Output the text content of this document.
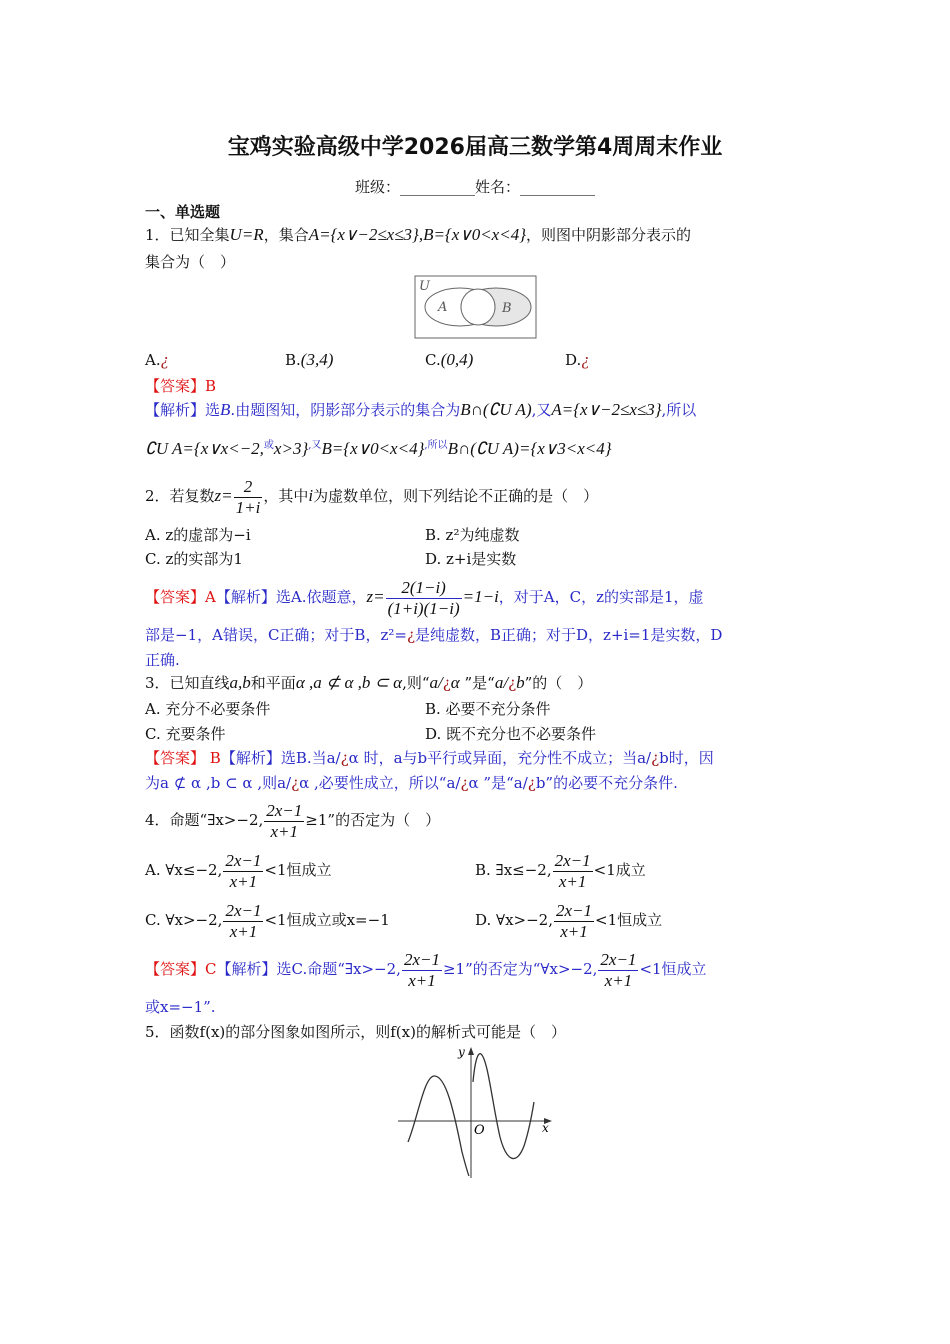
宝鸡实验高级中学2026届高三数学第4周周末作业
班级：__________姓名：__________
一、单选题
1．已知全集U=R，集合A={x∨−2≤x≤3},B={x∨0<x<4}，则图中阴影部分表示的
集合为（　）
U
A	B
A.¿	B.(3,4)	C.(0,4)	D.¿
【答案】B
【解析】选B.由题图知，阴影部分表示的集合为B∩(∁U A),又A={x∨−2≤x≤3},所以
∁U A={x∨x<−2,$^或$x>3}$^{,又}$B={x∨0<x<4}$^{,所以}$B∩(∁U A)={x∨3<x<4}
2．若复数$z= \frac{2}{1+i}$ ，其中i为虚数单位，则下列结论不正确的是（　）
A. z的虚部为−i	B. z²为纯虚数
C. z的实部为1	D. z+i是实数
【答案】A【解析】选A.依题意，$z= \frac{2(1-i)}{(1+i)(1-i)} =1-i$，对于A，C，z的实部是1，虚
部是−1，A错误，C正确；对于B，z²=¿是纯虚数，B正确；对于D，z+i=1是实数，D
正确.
3．已知直线a,b和平面α ,a ⊄ α ,b ⊂ α,则“a/¿α ”是“a/¿b”的（　）
A. 充分不必要条件	B. 必要不充分条件
C. 充要条件	D. 既不充分也不必要条件
【答案】 B【解析】选B.当a/¿α 时，a与b平行或异面，充分性不成立；当a/¿b时，因
为a ⊄ α ,b ⊂ α ,则a/¿α ,必要性成立，所以“a/¿α ”是“a/¿b”的必要不充分条件.
4．命题“∃x>−2, $\frac{2x-1}{x+1} \ge 1$”的否定为（　）
A. ∀x≤−2, $\frac{2x-1}{x+1} <1$恒成立	B. ∃x≤−2, $\frac{2x-1}{x+1} <1$成立
C. ∀x>−2, $\frac{2x-1}{x+1} <1$恒成立或x=−1	D. ∀x>−2, $\frac{2x-1}{x+1} <1$恒成立
【答案】C【解析】选C.命题“∃x>−2, $\frac{2x-1}{x+1} \ge 1$”的否定为“∀x>−2, $\frac{2x-1}{x+1} <1$恒成立
或x=−1”.
5．函数f(x)的部分图象如图所示，则f(x)的解析式可能是（　）
y
x
O
